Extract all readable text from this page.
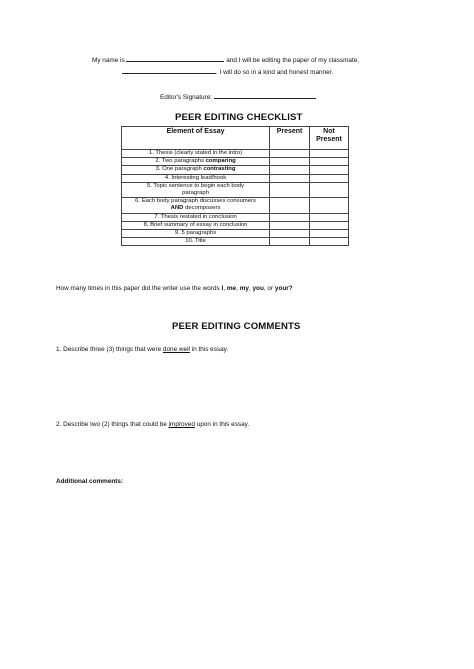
My name is	and I will be editing the paper of my classmate,
. I will do so in a kind and honest manner.
Editor's Signature:
PEER EDITING CHECKLIST
Element of Essay	Present	Not Present
1. Thesis (clearly stated in the intro)		
2. Two paragraphs comparing		
3. One paragraph contrasting		
4. Interesting lead/hook		
5. Topic sentence to begin each body paragraph		
6. Each body paragraph discusses consumers AND decomposers		
7. Thesis restated in conclusion		
8. Brief summary of essay in conclusion		
9. 5 paragraphs		
10. Title		
How many times in this paper did the writer use the words I, me, my, you, or your?
PEER EDITING COMMENTS
1. Describe three (3) things that were done well in this essay.
2. Describe two (2) things that could be improved upon in this essay.
Additional comments:
